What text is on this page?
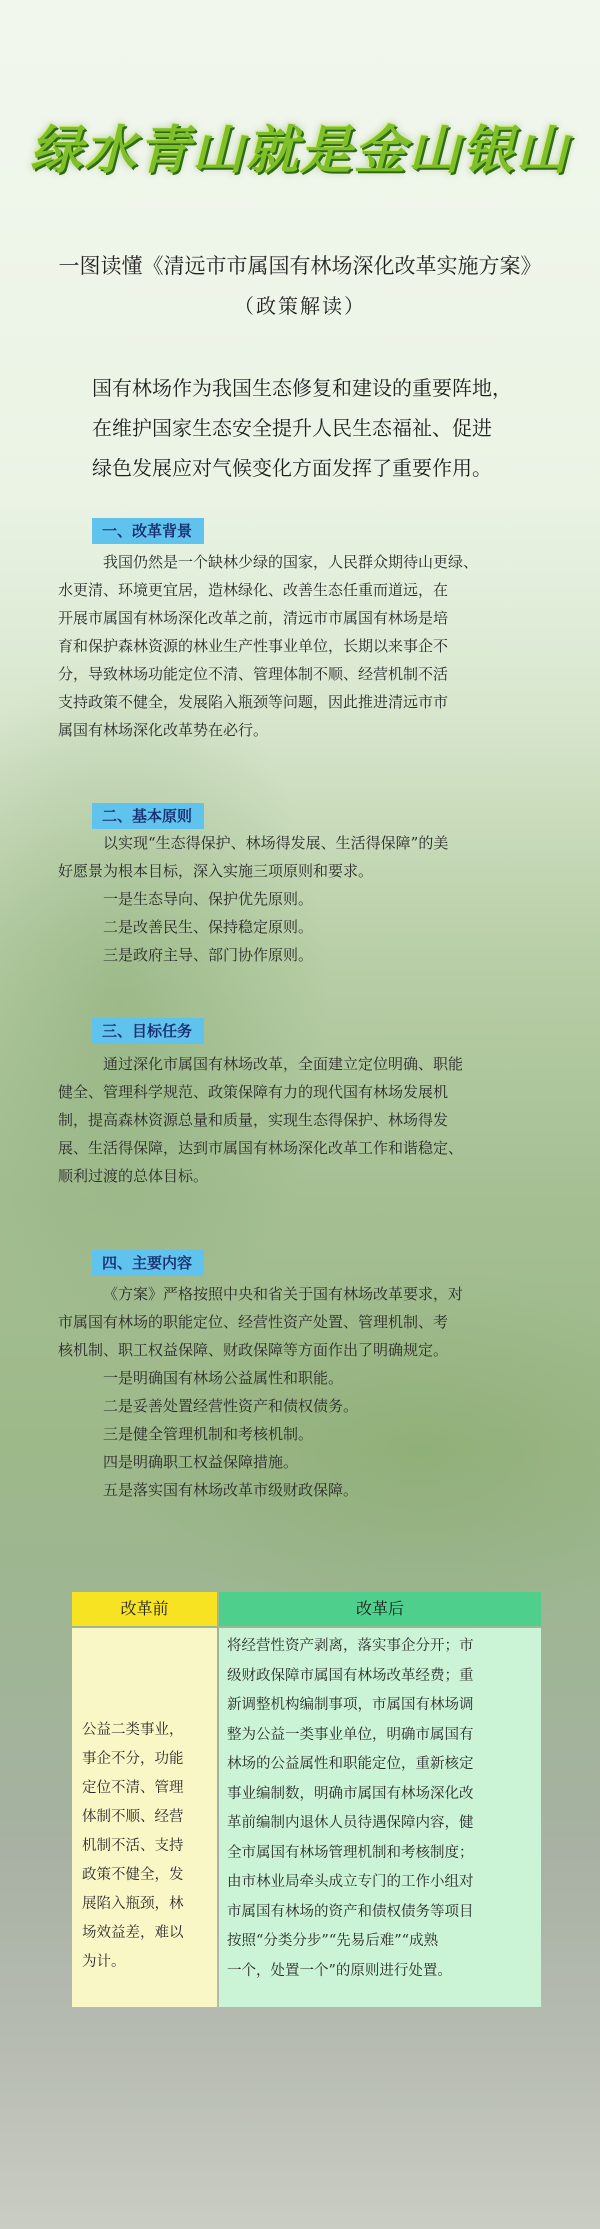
绿水青山就是金山银山
一图读懂《清远市市属国有林场深化改革实施方案》
（政策解读）
国有林场作为我国生态修复和建设的重要阵地，
在维护国家生态安全提升人民生态福祉、促进
绿色发展应对气候变化方面发挥了重要作用。
一、改革背景
我国仍然是一个缺林少绿的国家，人民群众期待山更绿、
水更清、环境更宜居，造林绿化、改善生态任重而道远，在
开展市属国有林场深化改革之前，清远市市属国有林场是培
育和保护森林资源的林业生产性事业单位，长期以来事企不
分，导致林场功能定位不清、管理体制不顺、经营机制不活
支持政策不健全，发展陷入瓶颈等问题，因此推进清远市市
属国有林场深化改革势在必行。
二、基本原则
以实现“生态得保护、林场得发展、生活得保障”的美
好愿景为根本目标，深入实施三项原则和要求。
一是生态导向、保护优先原则。
二是改善民生、保持稳定原则。
三是政府主导、部门协作原则。
三、目标任务
通过深化市属国有林场改革，全面建立定位明确、职能
健全、管理科学规范、政策保障有力的现代国有林场发展机
制，提高森林资源总量和质量，实现生态得保护、林场得发
展、生活得保障，达到市属国有林场深化改革工作和谐稳定、
顺利过渡的总体目标。
四、主要内容
《方案》严格按照中央和省关于国有林场改革要求，对
市属国有林场的职能定位、经营性资产处置、管理机制、考
核机制、职工权益保障、财政保障等方面作出了明确规定。
一是明确国有林场公益属性和职能。
二是妥善处置经营性资产和债权债务。
三是健全管理机制和考核机制。
四是明确职工权益保障措施。
五是落实国有林场改革市级财政保障。
改革前	改革后
公益二类事业，
事企不分，功能
定位不清、管理
体制不顺、经营
机制不活、支持
政策不健全，发
展陷入瓶颈，林
场效益差，难以
为计。
将经营性资产剥离，落实事企分开；市
级财政保障市属国有林场改革经费；重
新调整机构编制事项，市属国有林场调
整为公益一类事业单位，明确市属国有
林场的公益属性和职能定位，重新核定
事业编制数，明确市属国有林场深化改
革前编制内退休人员待遇保障内容，健
全市属国有林场管理机制和考核制度；
由市林业局牵头成立专门的工作小组对
市属国有林场的资产和债权债务等项目
按照“分类分步”“先易后难”“成熟
一个，处置一个”的原则进行处置。
